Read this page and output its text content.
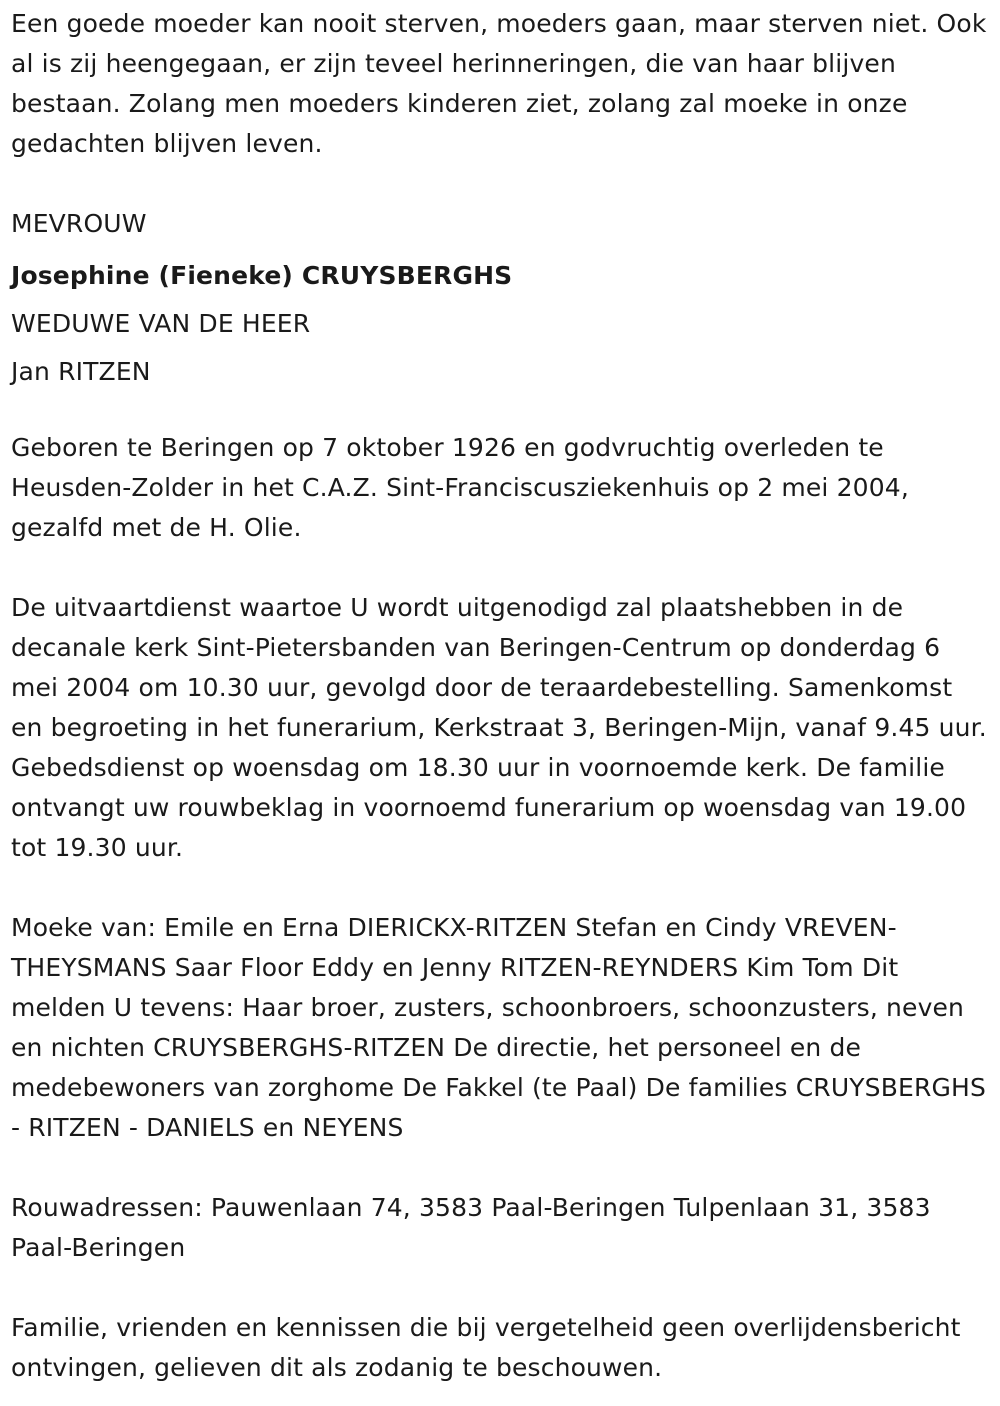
Een goede moeder kan nooit sterven, moeders gaan, maar sterven niet. Ook al is zij heengegaan, er zijn teveel herinneringen, die van haar blijven bestaan. Zolang men moeders kinderen ziet, zolang zal moeke in onze gedachten blijven leven.

MEVROUW

Josephine (Fieneke) CRUYSBERGHS

WEDUWE VAN DE HEER

Jan RITZEN

Geboren te Beringen op 7 oktober 1926 en godvruchtig overleden te Heusden-Zolder in het C.A.Z. Sint-Franciscusziekenhuis op 2 mei 2004, gezalfd met de H. Olie.

De uitvaartdienst waartoe U wordt uitgenodigd zal plaatshebben in de decanale kerk Sint-Pietersbanden van Beringen-Centrum op donderdag 6 mei 2004 om 10.30 uur, gevolgd door de teraardebestelling. Samenkomst en begroeting in het funerarium, Kerkstraat 3, Beringen-Mijn, vanaf 9.45 uur. Gebedsdienst op woensdag om 18.30 uur in voornoemde kerk. De familie ontvangt uw rouwbeklag in voornoemd funerarium op woensdag van 19.00 tot 19.30 uur.

Moeke van: Emile en Erna DIERICKX-RITZEN Stefan en Cindy VREVEN-THEYSMANS Saar Floor Eddy en Jenny RITZEN-REYNDERS Kim Tom Dit melden U tevens: Haar broer, zusters, schoonbroers, schoonzusters, neven en nichten CRUYSBERGHS-RITZEN De directie, het personeel en de medebewoners van zorghome De Fakkel (te Paal) De families CRUYSBERGHS - RITZEN - DANIELS en NEYENS

Rouwadressen: Pauwenlaan 74, 3583 Paal-Beringen Tulpenlaan 31, 3583 Paal-Beringen

Familie, vrienden en kennissen die bij vergetelheid geen overlijdensbericht ontvingen, gelieven dit als zodanig te beschouwen.
